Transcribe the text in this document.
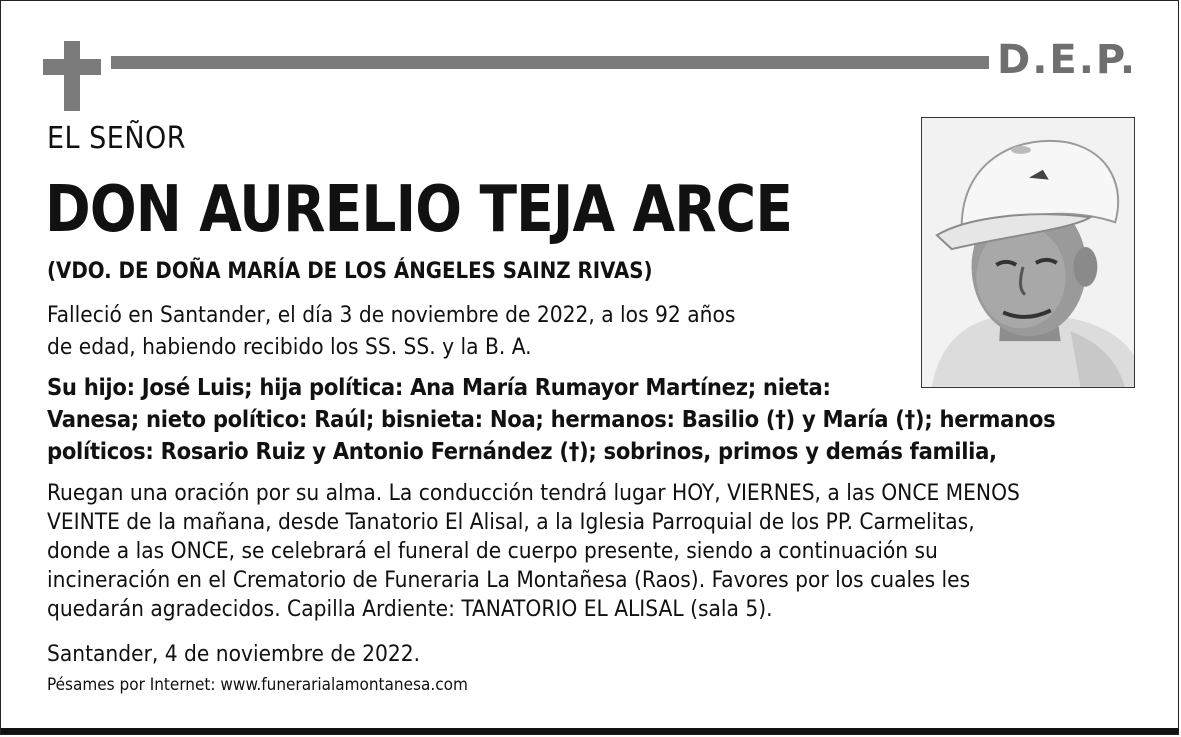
D.E.P.
EL SEÑOR
DON AURELIO TEJA ARCE
(VDO. DE DOÑA MARÍA DE LOS ÁNGELES SAINZ RIVAS)
Falleció en Santander, el día 3 de noviembre de 2022, a los 92 años
de edad, habiendo recibido los SS. SS. y la B. A.
Su hijo: José Luis; hija política: Ana María Rumayor Martínez; nieta:
Vanesa; nieto político: Raúl; bisnieta: Noa; hermanos: Basilio (†) y María (†); hermanos
políticos: Rosario Ruiz y Antonio Fernández (†); sobrinos, primos y demás familia,
Ruegan una oración por su alma. La conducción tendrá lugar HOY, VIERNES, a las ONCE MENOS
VEINTE de la mañana, desde Tanatorio El Alisal, a la Iglesia Parroquial de los PP. Carmelitas,
donde a las ONCE, se celebrará el funeral de cuerpo presente, siendo a continuación su
incineración en el Crematorio de Funeraria La Montañesa (Raos). Favores por los cuales les
quedarán agradecidos. Capilla Ardiente: TANATORIO EL ALISAL (sala 5).
Santander, 4 de noviembre de 2022.
Pésames por Internet: www.funerarialamontanesa.com
